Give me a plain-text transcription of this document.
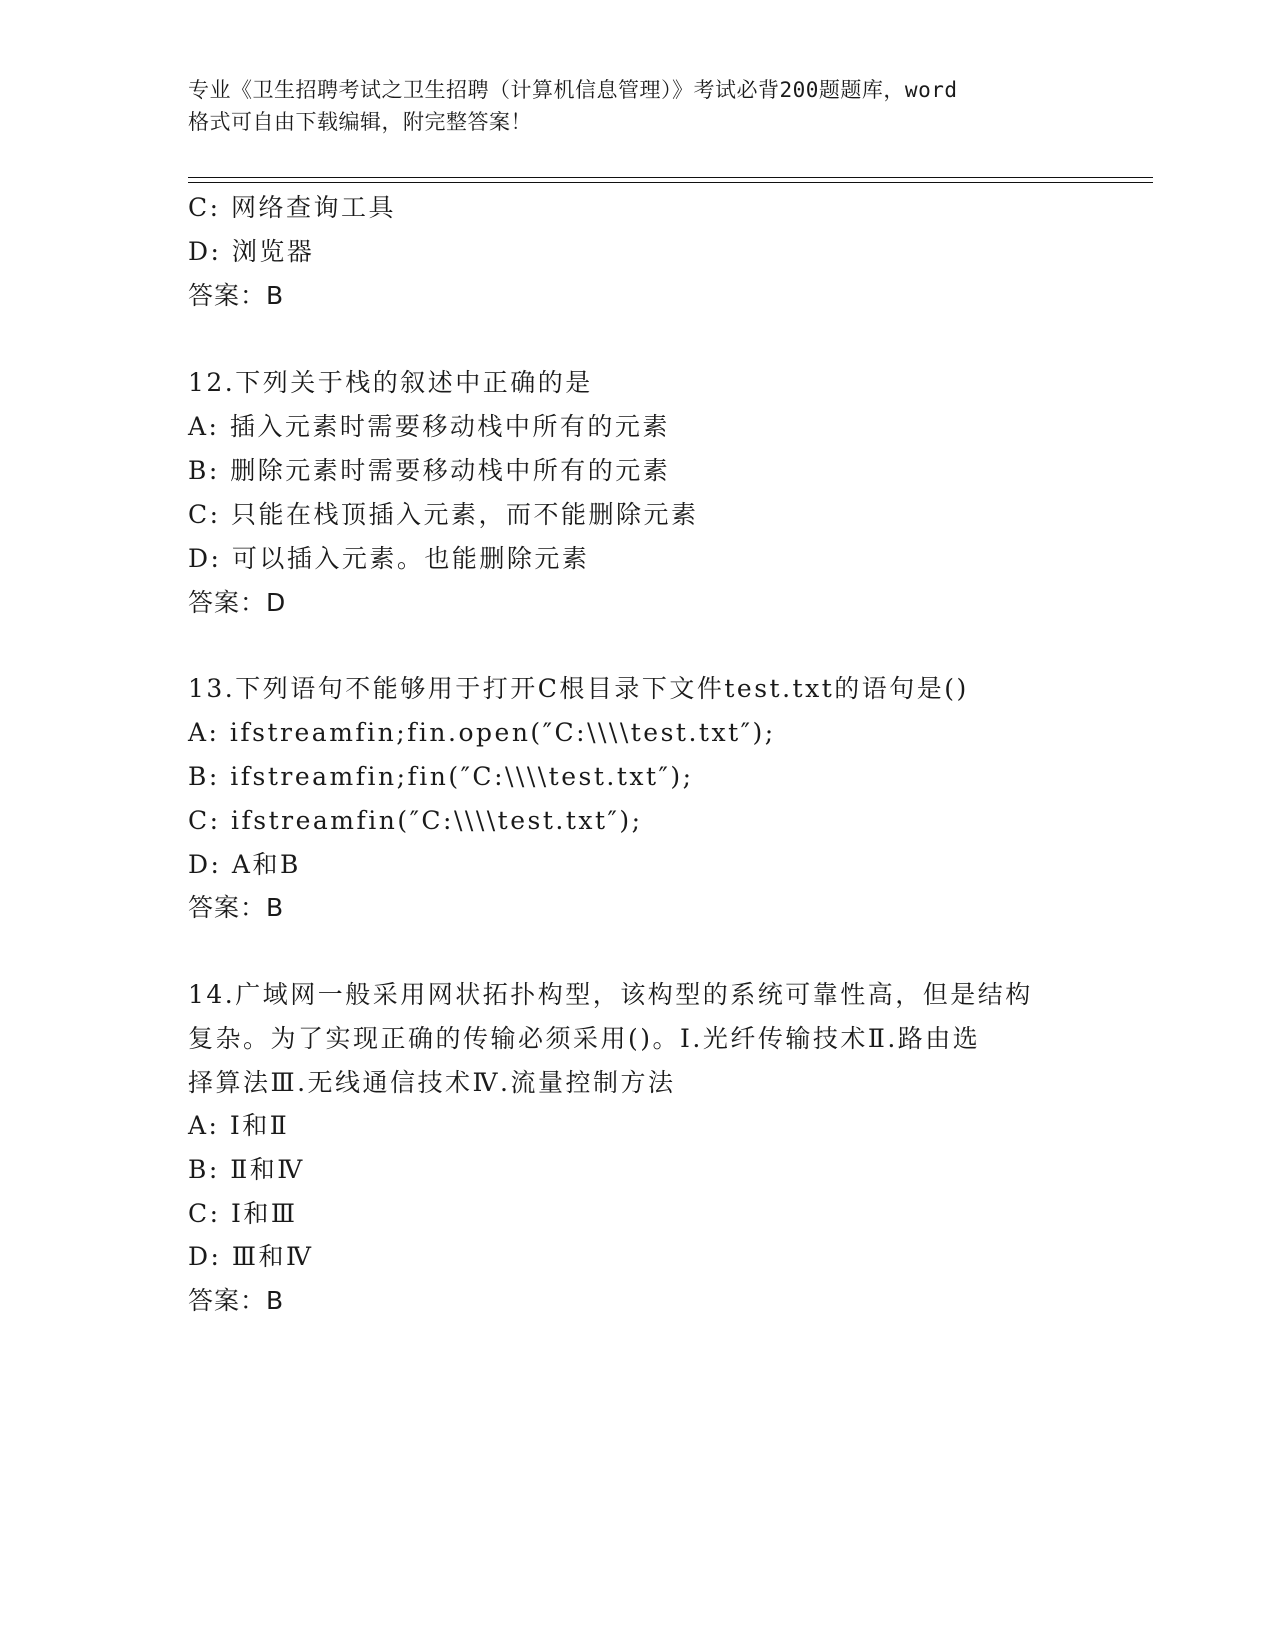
专业《卫生招聘考试之卫生招聘（计算机信息管理）》考试必背200题题库，word
格式可自由下载编辑，附完整答案！
C: 网络查询工具
D: 浏览器
答案：B
12.下列关于栈的叙述中正确的是
A: 插入元素时需要移动栈中所有的元素
B: 删除元素时需要移动栈中所有的元素
C: 只能在栈顶插入元素，而不能删除元素
D: 可以插入元素。也能删除元素
答案：D
13.下列语句不能够用于打开C根目录下文件test.txt的语句是()
A: ifstreamfin;fin.open(″C:\\\\test.txt″);
B: ifstreamfin;fin(″C:\\\\test.txt″);
C: ifstreamfin(″C:\\\\test.txt″);
D: A和B
答案：B
14.广域网一般采用网状拓扑构型，该构型的系统可靠性高，但是结构
复杂。为了实现正确的传输必须采用()。Ⅰ.光纤传输技术Ⅱ.路由选
择算法Ⅲ.无线通信技术Ⅳ.流量控制方法
A: Ⅰ和Ⅱ
B: Ⅱ和Ⅳ
C: Ⅰ和Ⅲ
D: Ⅲ和Ⅳ
答案：B
